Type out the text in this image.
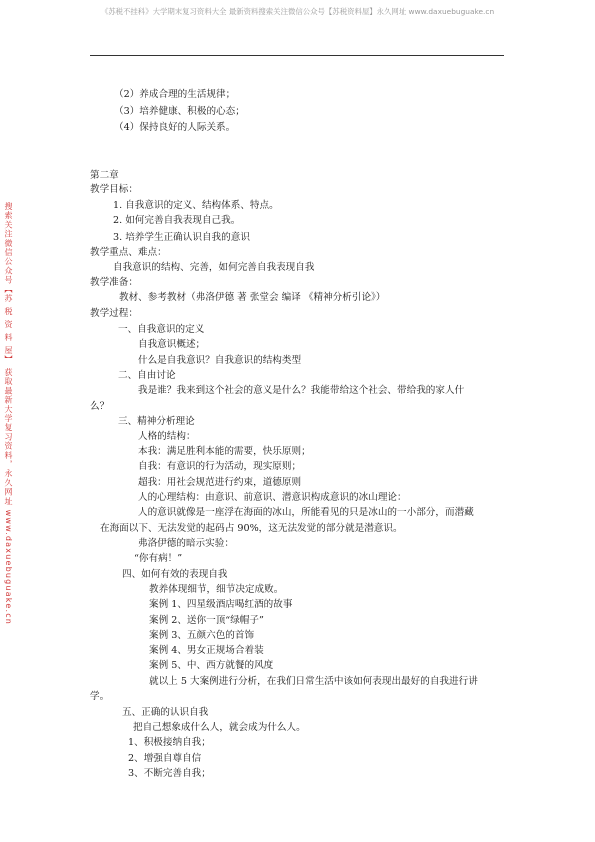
《苏税不挂科》大学期末复习资料大全 最新资料搜索关注微信公众号【苏税资料屋】永久网址 www.daxuebuguake.cn
搜索关注微信公众号【苏 税 资 料 屋】 获取最新大学复习资料，永久网址 www.daxuebuguake.cn
（2）养成合理的生活规律；
（3）培养健康、积极的心态；
（4）保持良好的人际关系。
第二章
教学目标：
1. 自我意识的定义、结构体系、特点。
2. 如何完善自我表现自己我。
3. 培养学生正确认识自我的意识
教学重点、难点：
自我意识的结构、完善，如何完善自我表现自我
教学准备：
教材、参考教材（弗洛伊德 著 张堂会 编译 《精神分析引论》）
教学过程：
一、自我意识的定义
自我意识概述；
什么是自我意识？自我意识的结构类型
二、自由讨论
我是谁？我来到这个社会的意义是什么？我能带给这个社会、带给我的家人什
么？
三、精神分析理论
人格的结构：
本我：满足胜利本能的需要，快乐原则；
自我：有意识的行为活动，现实原则；
超我：用社会规范进行约束，道德原则
人的心理结构：由意识、前意识、潜意识构成意识的冰山理论：
人的意识就像是一座浮在海面的冰山，所能看见的只是冰山的一小部分，而潜藏
在海面以下、无法发觉的起码占 90%，这无法发觉的部分就是潜意识。
弗洛伊德的暗示实验：
“你有病！”
四、如何有效的表现自我
教养体现细节，细节决定成败。
案例 1、四星级酒店喝红酒的故事
案例 2、送你一顶“绿帽子”
案例 3、五颜六色的首饰
案例 4、男女正规场合着装
案例 5、中、西方就餐的风度
就以上 5 大案例进行分析，在我们日常生活中该如何表现出最好的自我进行讲
学。
五、正确的认识自我
把自己想象成什么人，就会成为什么人。
1、积极接纳自我；
2、增强自尊自信
3、不断完善自我；
